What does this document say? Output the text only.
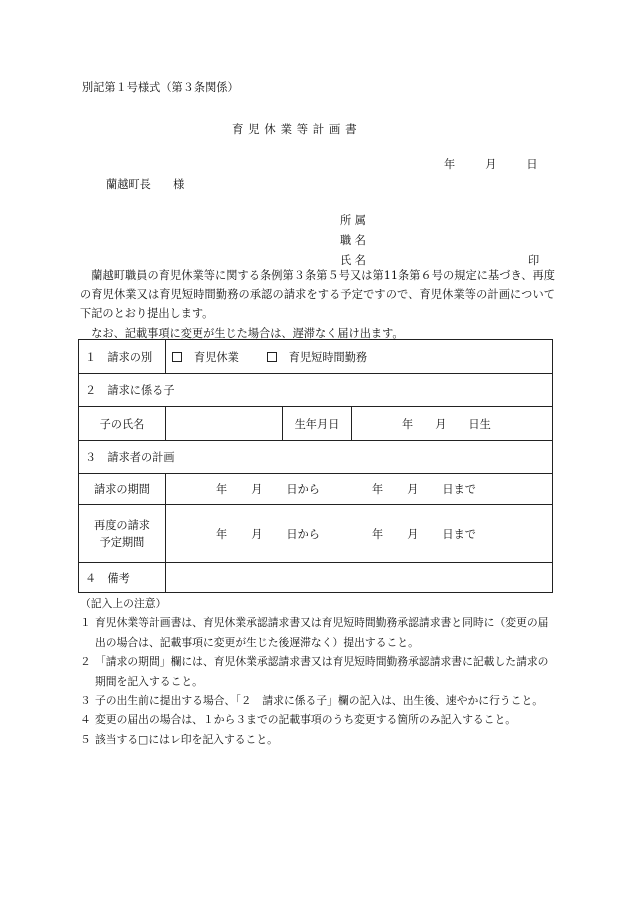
別記第１号様式（第３条関係）
育 児 休 業 等 計 画 書
年	月	日
蘭越町長　　様
所 属
職 名
氏 名	印

蘭越町職員の育児休業等に関する条例第３条第５号又は第11条第６号の規定に基づき、再度の育児休業又は育児短時間勤務の承認の請求をする予定ですので、育児休業等の計画について下記のとおり提出します。

なお、記載事項に変更が生じた場合は、遅滞なく届け出ます。

１　請求の別	育児休業 育児短時間勤務		
２　請求に係る子			
子の氏名		生年月日	年 月 日生
３　請求者の計画			
請求の期間	年 月 日から 年 月 日まで		
再度の請求
予定期間	年 月 日から 年 月 日まで		
４　備考			

（記入上の注意）

１ 育児休業等計画書は、育児休業承認請求書又は育児短時間勤務承認請求書と同時に（変更の届出の場合は、記載事項に変更が生じた後遅滞なく）提出すること。

２ 「請求の期間」欄には、育児休業承認請求書又は育児短時間勤務承認請求書に記載した請求の期間を記入すること。

３ 子の出生前に提出する場合、「２　請求に係る子」欄の記入は、出生後、速やかに行うこと。

４ 変更の届出の場合は、１から３までの記載事項のうち変更する箇所のみ記入すること。

５ 該当する□にはレ印を記入すること。
